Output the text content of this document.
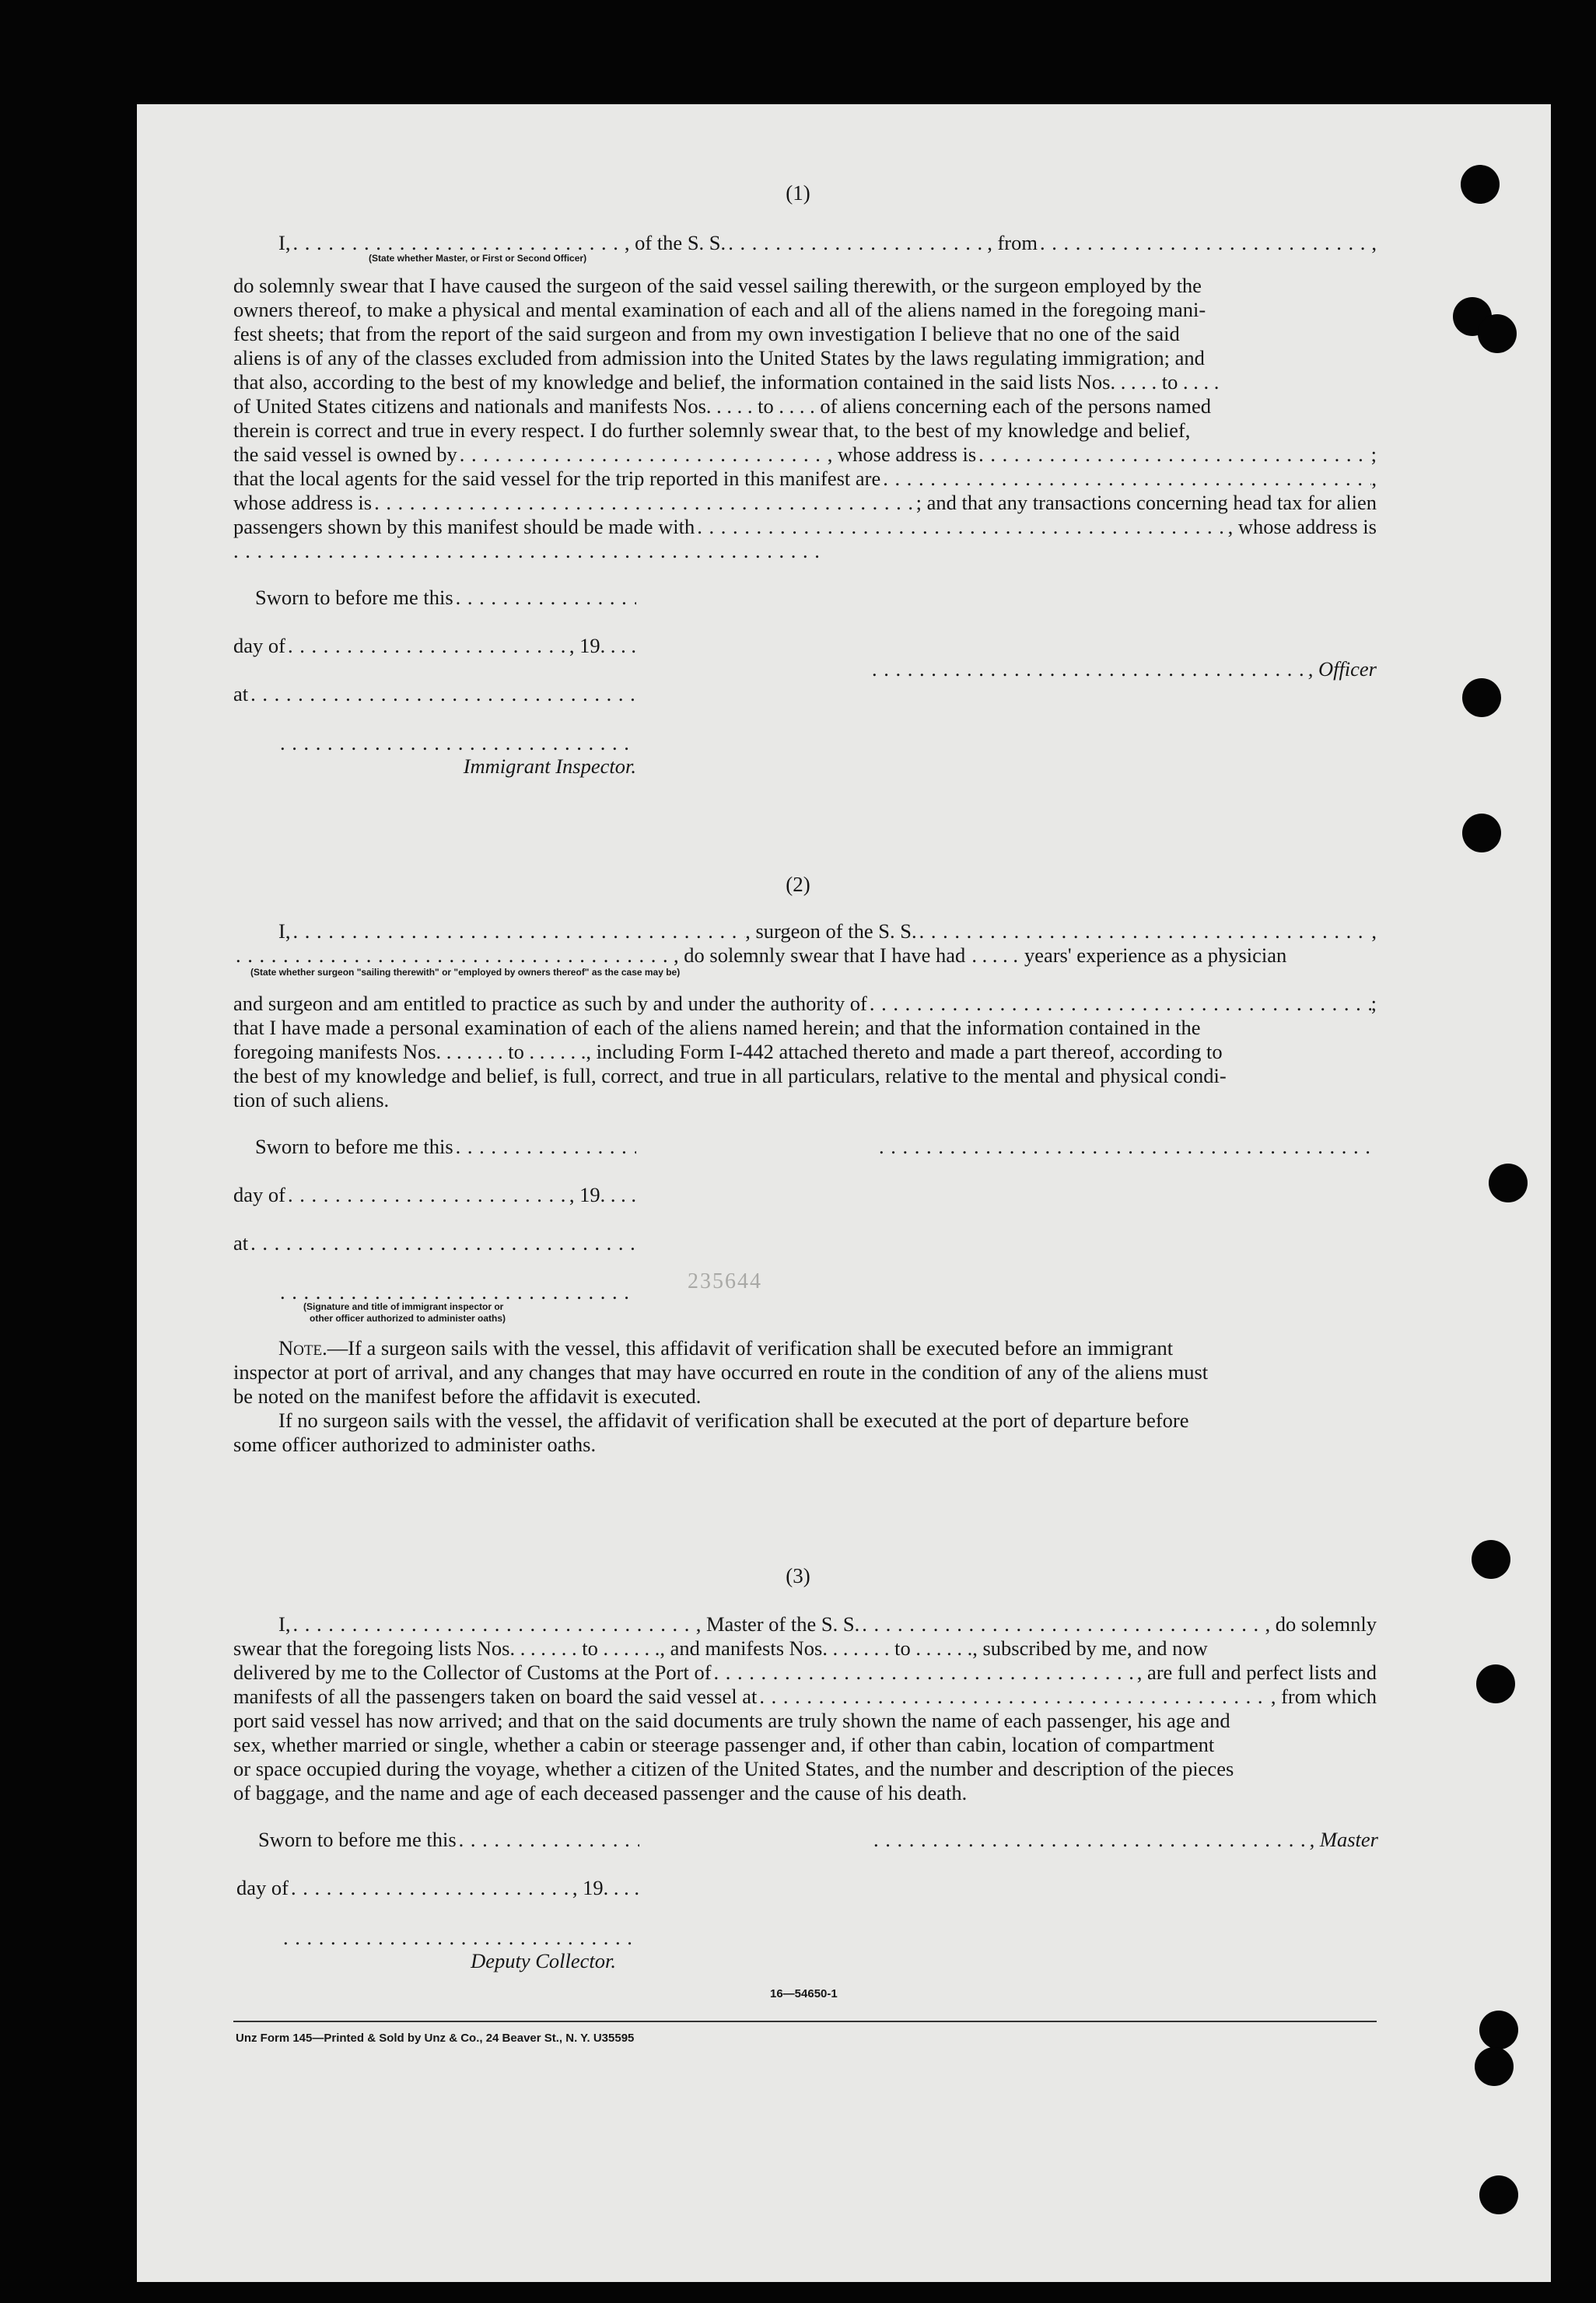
(1)
I, . . .	, of the S. S. . . .	, from . . .	,
(State whether Master, or First or Second Officer)
do solemnly swear that I have caused the surgeon of the said vessel sailing therewith, or the surgeon employed by the
owners thereof, to make a physical and mental examination of each and all of the aliens named in the foregoing mani-
fest sheets; that from the report of the said surgeon and from my own investigation I believe that no one of the said
aliens is of any of the classes excluded from admission into the United States by the laws regulating immigration; and
that also, according to the best of my knowledge and belief, the information contained in the said lists Nos. . . . . to . . . .
of United States citizens and nationals and manifests Nos. . . . . to . . . . of aliens concerning each of the persons named
therein is correct and true in every respect. I do further solemnly swear that, to the best of my knowledge and belief,
the said vessel is owned by . . .	, whose address is . . .	;
that the local agents for the said vessel for the trip reported in this manifest are . . .	,
whose address is . . .	; and that any transactions concerning head tax for alien
passengers shown by this manifest should be made with . . .	, whose address is
. . .
Sworn to before me this
. . .
day of . . .	, 19. . . .
at
. . .
. . .
Immigrant Inspector.
. . .
, Officer
(2)
I, . . .	, surgeon of the S. S. . . .	,
. . .
, do solemnly swear that I have had . . . . . years' experience as a physician
(State whether surgeon "sailing therewith" or "employed by owners thereof" as the case may be)
and surgeon and am entitled to practice as such by and under the authority of . . .	;
that I have made a personal examination of each of the aliens named herein; and that the information contained in the
foregoing manifests Nos. . . . . . . to . . . . . ., including Form I-442 attached thereto and made a part thereof, according to
the best of my knowledge and belief, is full, correct, and true in all particulars, relative to the mental and physical condi-
tion of such aliens.
Sworn to before me this
. . .
day of . . .	, 19. . . .
at
. . .
. . .
. . .
(Signature and title of immigrant inspector or
other officer authorized to administer oaths)
235644
Note.—If a surgeon sails with the vessel, this affidavit of verification shall be executed before an immigrant
inspector at port of arrival, and any changes that may have occurred en route in the condition of any of the aliens must
be noted on the manifest before the affidavit is executed.
If no surgeon sails with the vessel, the affidavit of verification shall be executed at the port of departure before
some officer authorized to administer oaths.
(3)
I, . . .	, Master of the S. S. . . .	, do solemnly
swear that the foregoing lists Nos. . . . . . . to . . . . . ., and manifests Nos. . . . . . . to . . . . . ., subscribed by me, and now
delivered by me to the Collector of Customs at the Port of . . .	, are full and perfect lists and
manifests of all the passengers taken on board the said vessel at . . .	, from which
port said vessel has now arrived; and that on the said documents are truly shown the name of each passenger, his age and
sex, whether married or single, whether a cabin or steerage passenger and, if other than cabin, location of compartment
or space occupied during the voyage, whether a citizen of the United States, and the number and description of the pieces
of baggage, and the name and age of each deceased passenger and the cause of his death.
Sworn to before me this . . . . . .	, Master
day of . . .	, 19. . . .
. . .
Deputy Collector.
16—54650-1
Unz Form 145—Printed & Sold by Unz & Co., 24 Beaver St., N. Y. U35595
